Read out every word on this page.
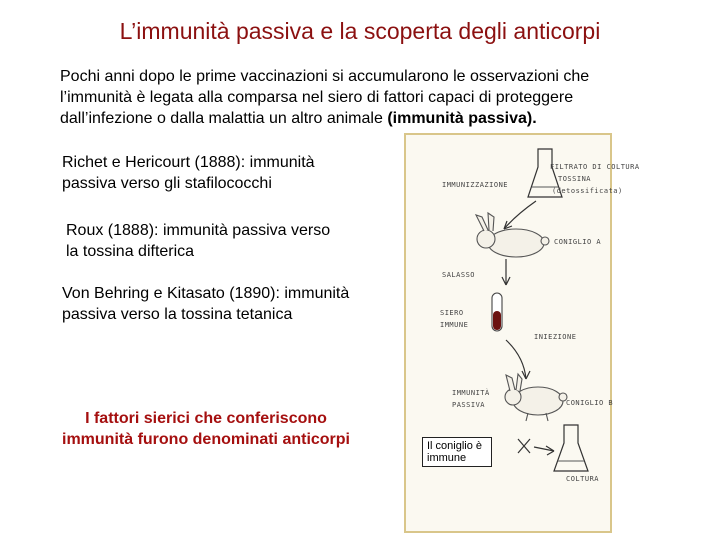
L’immunità passiva e la scoperta degli anticorpi
Pochi anni dopo le prime vaccinazioni si accumularono le osservazioni che l’immunità è legata alla comparsa nel siero di fattori capaci di proteggere dall’infezione o dalla malattia un altro animale (immunità passiva).
Richet e Hericourt (1888): immunità passiva verso gli stafilococchi
Roux (1888): immunità passiva verso la tossina difterica
Von Behring e Kitasato (1890): immunità passiva verso la tossina tetanica
I fattori sierici che conferiscono immunità furono denominati anticorpi
FILTRATO DI COLTURA
TOSSINA
(detossificata)
IMMUNIZZAZIONE
CONIGLIO A
SALASSO
SIERO
IMMUNE
INIEZIONE
IMMUNITÀ
PASSIVA	CONIGLIO B
COLTURA
Il coniglio è immune
